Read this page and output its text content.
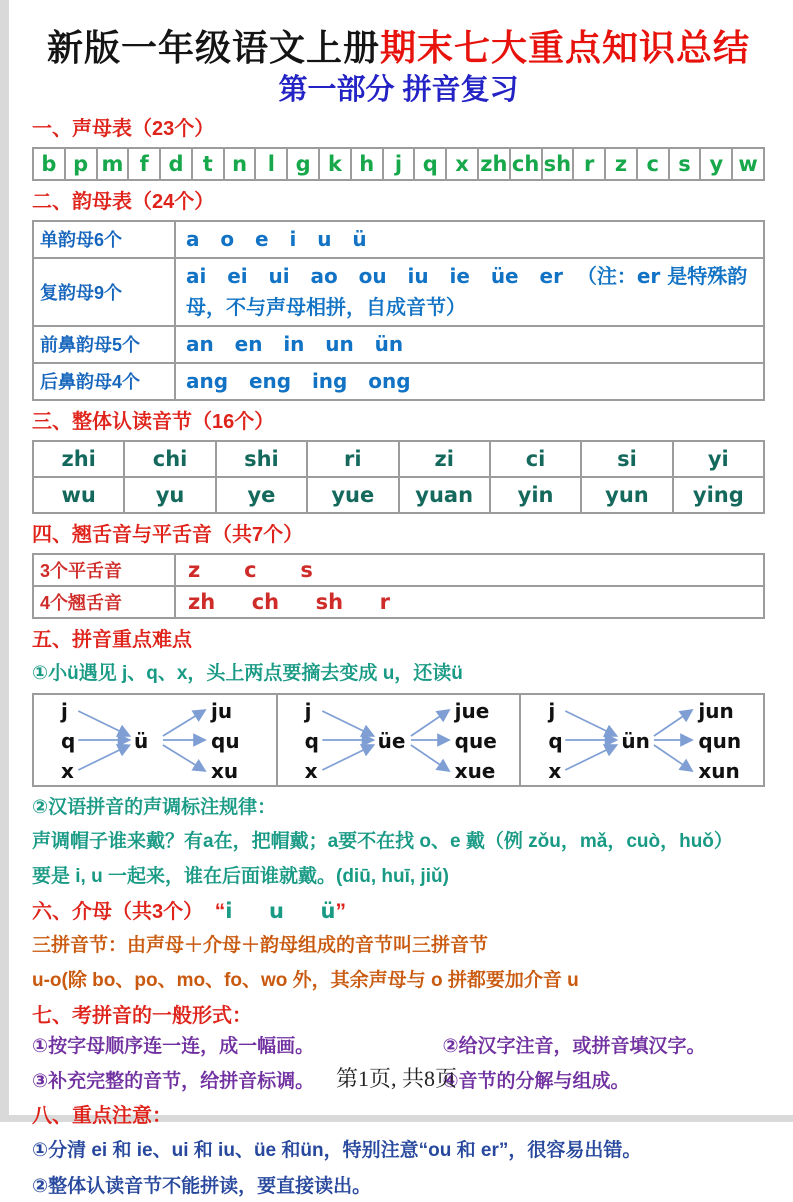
新版一年级语文上册期末七大重点知识总结
第一部分 拼音复习
一、声母表（23个）
b	p	m	f	d	t	n	l	g	k	h	j	q	x	zh	ch	sh	r	z	c	s	y	w
二、韵母表（24个）
单韵母6个	a   o   e   i   u   ü
复韵母9个	ai   ei   ui   ao   ou   iu   ie   üe   er  （注：er 是特殊韵母，不与声母相拼，自成音节）
前鼻韵母5个	an   en   in   un   ün
后鼻韵母4个	ang   eng   ing   ong
三、整体认读音节（16个）
zhi	chi	shi	ri	zi	ci	si	yi
wu	yu	ye	yue	yuan	yin	yun	ying
四、翘舌音与平舌音（共7个）
3个平舌音	z      c      s
4个翘舌音	zh     ch     sh     r
五、拼音重点难点
①小ü遇见 j、q、x，头上两点要摘去变成 u，还读ü
j
q
x
ü
ju
qu
xu
j
q
x
üe
jue
que
xue
j
q
x
ün
jun
qun
xun
②汉语拼音的声调标注规律：
声调帽子谁来戴？有a在，把帽戴；a要不在找 o、e 戴（例 zǒu，mǎ，cuò，huǒ）
要是 i, u 一起来，谁在后面谁就戴。(diū, huī, jiǔ)
六、介母（共3个）  “i     u     ü”
三拼音节：由声母＋介母＋韵母组成的音节叫三拼音节
u-o(除 bo、po、mo、fo、wo 外，其余声母与 o 拼都要加介音 u
七、考拼音的一般形式：
①按字母顺序连一连，成一幅画。	②给汉字注音，或拼音填汉字。
③补充完整的音节，给拼音标调。	④音节的分解与组成。
八、重点注意：
①分清 ei 和 ie、ui 和 iu、üe 和ün，特别注意“ou 和 er”，很容易出错。
②整体认读音节不能拼读，要直接读出。
第1页, 共8页
